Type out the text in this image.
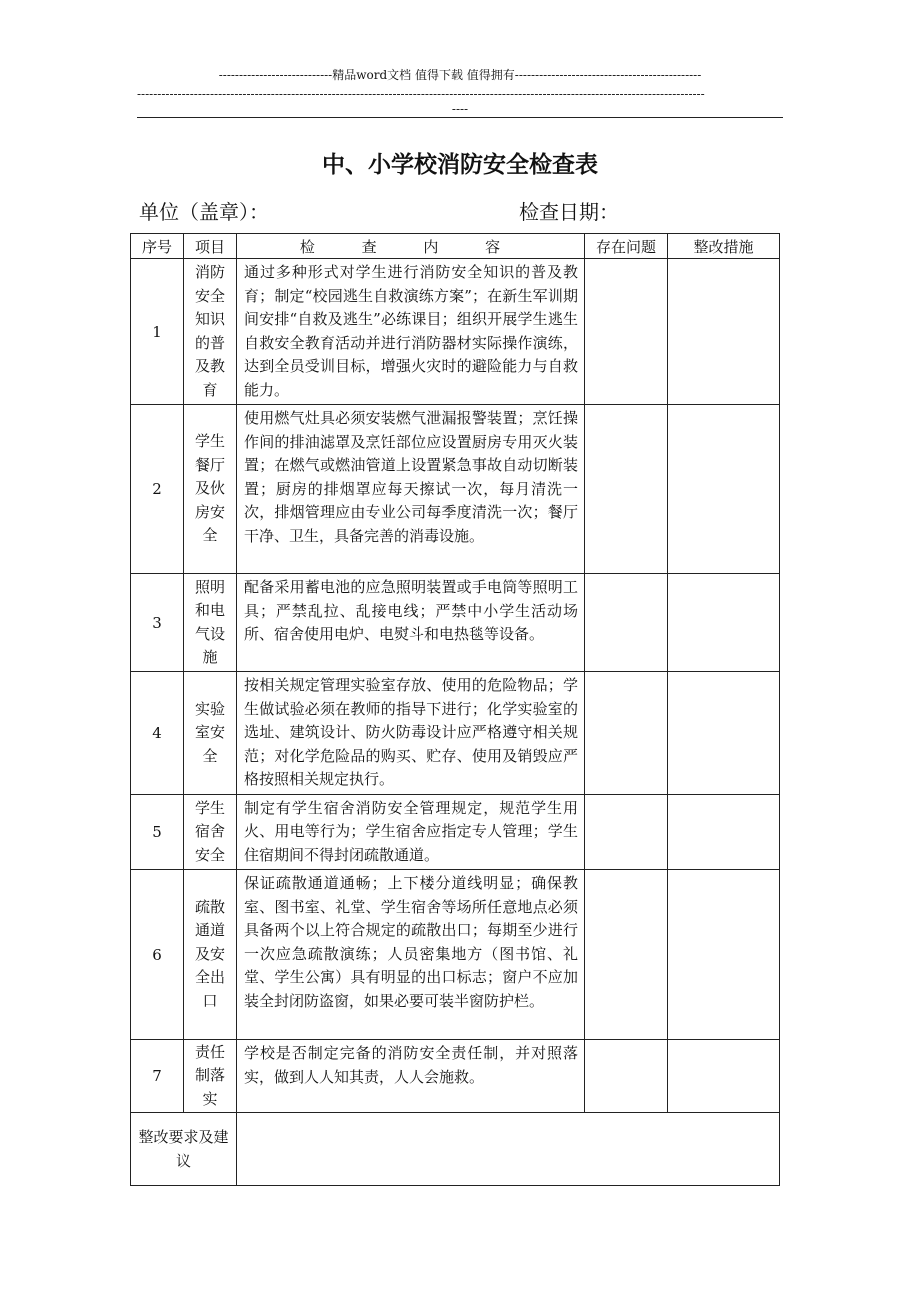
----------------------------精品word文档 值得下载 值得拥有----------------------------------------------
--------------------------------------------------------------------------------------------------------------------------------------------
----
中、小学校消防安全检查表
单位（盖章）：	检查日期：
序号	项目	检 查 内 容	存在问题	整改措施
1	消防安全知识的普及教育	通过多种形式对学生进行消防安全知识的普及教育；制定“校园逃生自救演练方案”；在新生军训期间安排“自救及逃生”必练课目；组织开展学生逃生自救安全教育活动并进行消防器材实际操作演练，达到全员受训目标，增强火灾时的避险能力与自救能力。		
2	学生餐厅及伙房安全	使用燃气灶具必须安装燃气泄漏报警装置；烹饪操作间的排油滤罩及烹饪部位应设置厨房专用灭火装置；在燃气或燃油管道上设置紧急事故自动切断装置；厨房的排烟罩应每天擦试一次，每月清洗一次，排烟管理应由专业公司每季度清洗一次；餐厅干净、卫生，具备完善的消毒设施。		
3	照明和电气设施	配备采用蓄电池的应急照明装置或手电筒等照明工具；严禁乱拉、乱接电线；严禁中小学生活动场所、宿舍使用电炉、电熨斗和电热毯等设备。		
4	实验室安全	按相关规定管理实验室存放、使用的危险物品；学生做试验必须在教师的指导下进行；化学实验室的选址、建筑设计、防火防毒设计应严格遵守相关规范；对化学危险品的购买、贮存、使用及销毁应严格按照相关规定执行。		
5	学生宿舍安全	制定有学生宿舍消防安全管理规定，规范学生用火、用电等行为；学生宿舍应指定专人管理；学生住宿期间不得封闭疏散通道。		
6	疏散通道及安全出口	保证疏散通道通畅；上下楼分道线明显；确保教室、图书室、礼堂、学生宿舍等场所任意地点必须具备两个以上符合规定的疏散出口；每期至少进行一次应急疏散演练；人员密集地方（图书馆、礼堂、学生公寓）具有明显的出口标志；窗户不应加装全封闭防盗窗，如果必要可装半窗防护栏。		
7	责任制落实	学校是否制定完备的消防安全责任制，并对照落实，做到人人知其责，人人会施救。		
整改要求及建议				
